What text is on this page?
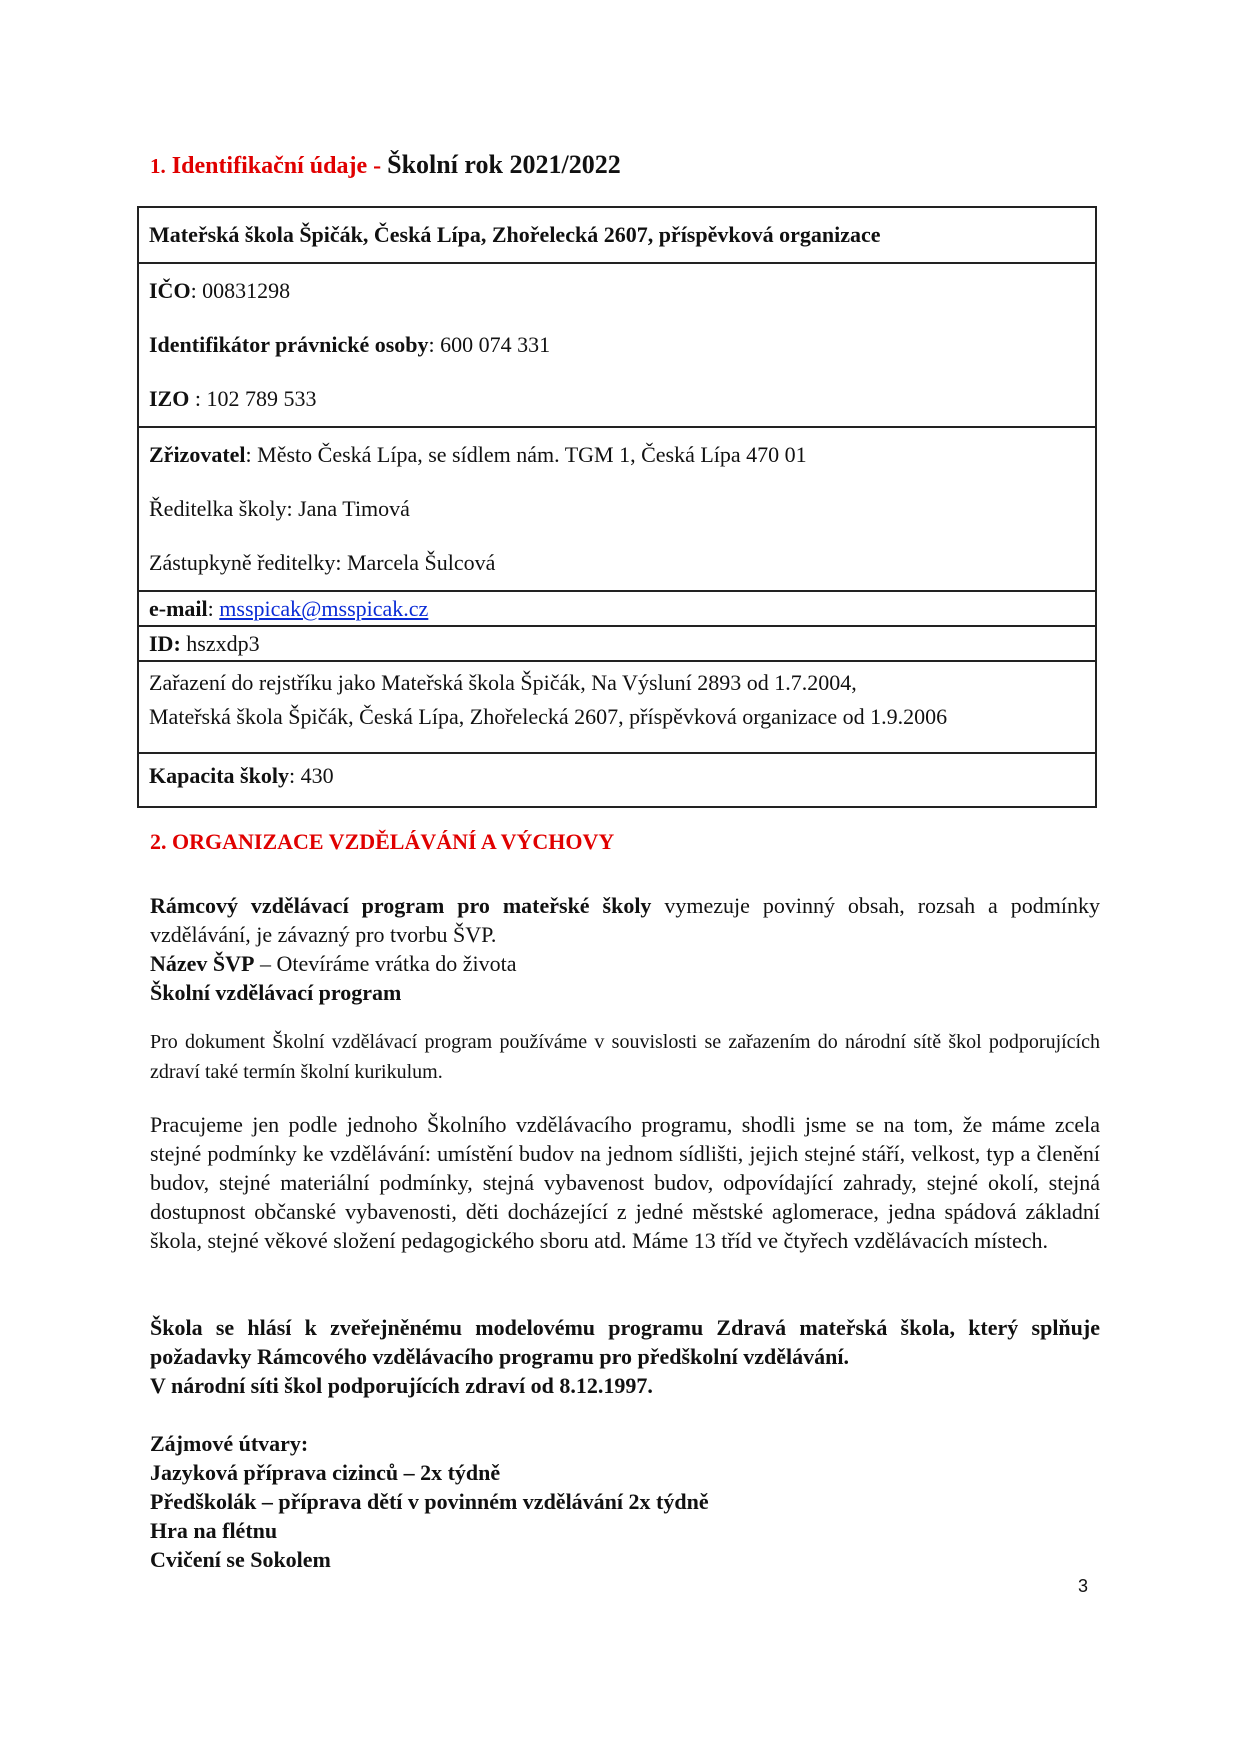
1. Identifikační údaje - Školní rok 2021/2022
Mateřská škola Špičák, Česká Lípa, Zhořelecká 2607, příspěvková organizace

IČO: 00831298
Identifikátor právnické osoby: 600 074 331
IZO : 102 789 533

Zřizovatel: Město Česká Lípa, se sídlem nám. TGM 1, Česká Lípa 470 01
Ředitelka školy: Jana Timová
Zástupkyně ředitelky: Marcela Šulcová

e-mail: msspicak@msspicak.cz

ID: hszxdp3

Zařazení do rejstříku jako Mateřská škola Špičák, Na Výsluní 2893 od 1.7.2004,
Mateřská škola Špičák, Česká Lípa, Zhořelecká 2607, příspěvková organizace od 1.9.2006

Kapacita školy: 430
2. ORGANIZACE VZDĚLÁVÁNÍ A VÝCHOVY
Rámcový vzdělávací program pro mateřské školy vymezuje povinný obsah, rozsah a podmínky vzdělávání, je závazný pro tvorbu ŠVP.
Název ŠVP – Otevíráme vrátka do života
Školní vzdělávací program
Pro dokument Školní vzdělávací program používáme v souvislosti se zařazením do národní sítě škol podporujících zdraví také termín školní kurikulum.
Pracujeme jen podle jednoho Školního vzdělávacího programu, shodli jsme se na tom, že máme zcela stejné podmínky ke vzdělávání: umístění budov na jednom sídlišti, jejich stejné stáří, velkost, typ a členění budov, stejné materiální podmínky, stejná vybavenost budov, odpovídající zahrady, stejné okolí, stejná dostupnost občanské vybavenosti, děti docházející z jedné městské aglomerace, jedna spádová základní škola, stejné věkové složení pedagogického sboru atd. Máme 13 tříd ve čtyřech vzdělávacích místech.
Škola se hlásí k zveřejněnému modelovému programu Zdravá mateřská škola, který splňuje požadavky Rámcového vzdělávacího programu pro předškolní vzdělávání.
V národní síti škol podporujících zdraví od 8.12.1997.
Zájmové útvary:
Jazyková příprava cizinců – 2x týdně
Předškolák – příprava dětí v povinném vzdělávání 2x týdně
Hra na flétnu
Cvičení se Sokolem
3
